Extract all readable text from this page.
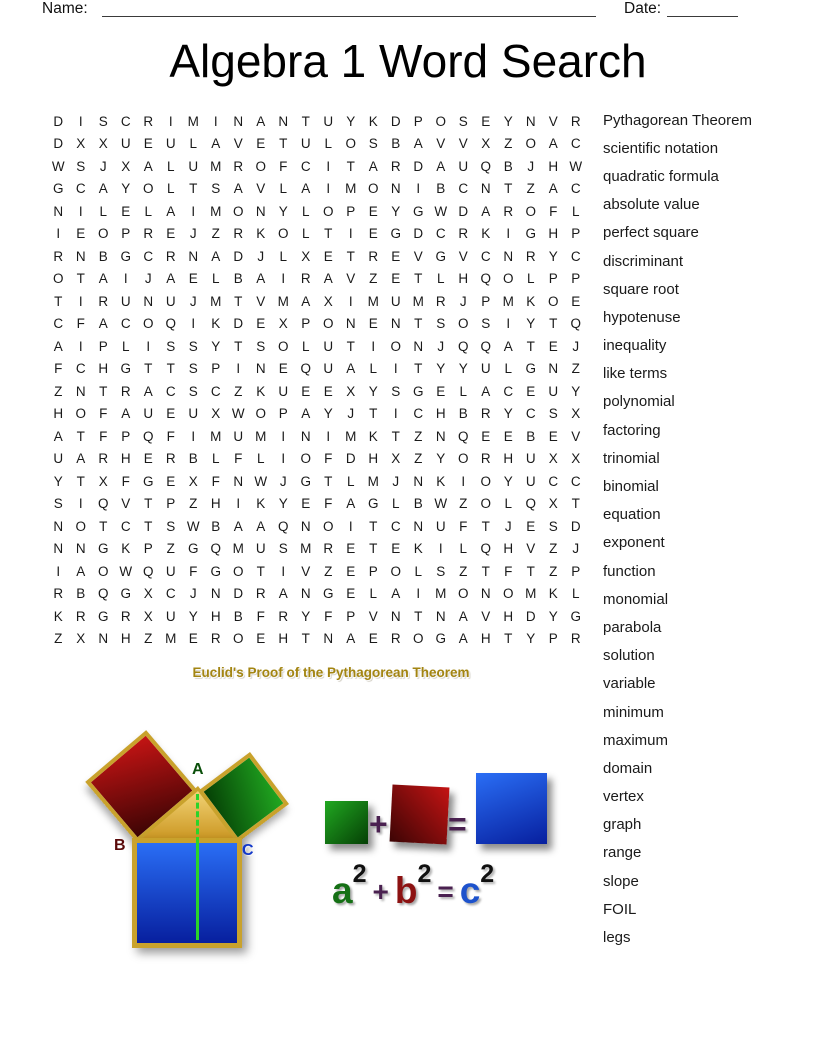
Name:	Date:
Algebra 1 Word Search
D	I	S C R	I	M	I	N A N	T	U Y K D P O S E Y N V R
D X X U E U	L	A V E	T	U	L O S B A V V X	Z O A C
W S	J	X A	L	U M R O F	C	I	T	A R D A U Q B	J	H W
G C A Y O L	T	S A V	L	A	I	M O N	I	B C N	T	Z	A C
N	I	L	E	L	A	I	M O N Y	L O P E Y G W D A R O F	L
I	E O P R E	J	Z	R K O L	T	I	E G D C R K	I	G H P
R N B G C R N A D	J	L	X E	T	R E V G V C N R Y C
O T	A	I	J	A E	L	B A	I	R A V	Z	E	T	L	H Q O L	P P
T	I	R U N U	J	M T	V M A X	I	M U M R	J	P M K O E
C	F	A C O Q	I	K D E X P O N E N	T	S O S	I	Y	T Q
A	I	P	L	I	S S Y	T	S O L	U	T	I	O N	J	Q Q A	T	E	J
F	C H G T	T	S P	I	N E Q U A	L	I	T	Y Y U	L G N	Z
Z	N	T	R A C S C	Z	K U E E X Y S G E	L	A C E U Y
H O F	A U E U X W O P A Y	J	T	I	C H B R Y C S X
A	T	F	P Q F	I	M U M	I	N	I	M K	T	Z	N Q E E B E V
U A R H E R B	L	F	L	I	O F	D H X	Z	Y O R H U X X
Y	T	X	F G E X	F	N W J	G T	L M	J	N K	I	O Y U C C
S	I	Q V	T	P	Z	H	I	K Y E	F	A G L	B W Z O L Q X	T
N O T	C	T	S W B A A Q N O	I	T	C N U	F	T	J	E S D
N N G K P	Z G Q M U S M R E	T	E K	I	L Q H V	Z	J
I	A O W Q U	F G O T	I	V	Z	E P O L	S	Z	T	F	T	Z	P
R B Q G X C	J	N D R A N G E	L	A	I	M O N O M K	L
K R G R X U Y H B	F	R Y	F	P V N	T	N A V H D Y G
Z	X N H	Z M E R O E H	T	N A E R O G A H	T	Y P R
Pythagorean Theorem
scientific notation
quadratic formula
absolute value
perfect square
discriminant
square root
hypotenuse
inequality
like terms
polynomial
factoring
trinomial
binomial
equation
exponent
function
monomial
parabola
solution
variable
minimum
maximum
domain
vertex
graph
range
slope
FOIL
legs
Euclid's Proof of the Pythagorean Theorem
A
B	C
+ =
a 2
+ b 2
= c 2
